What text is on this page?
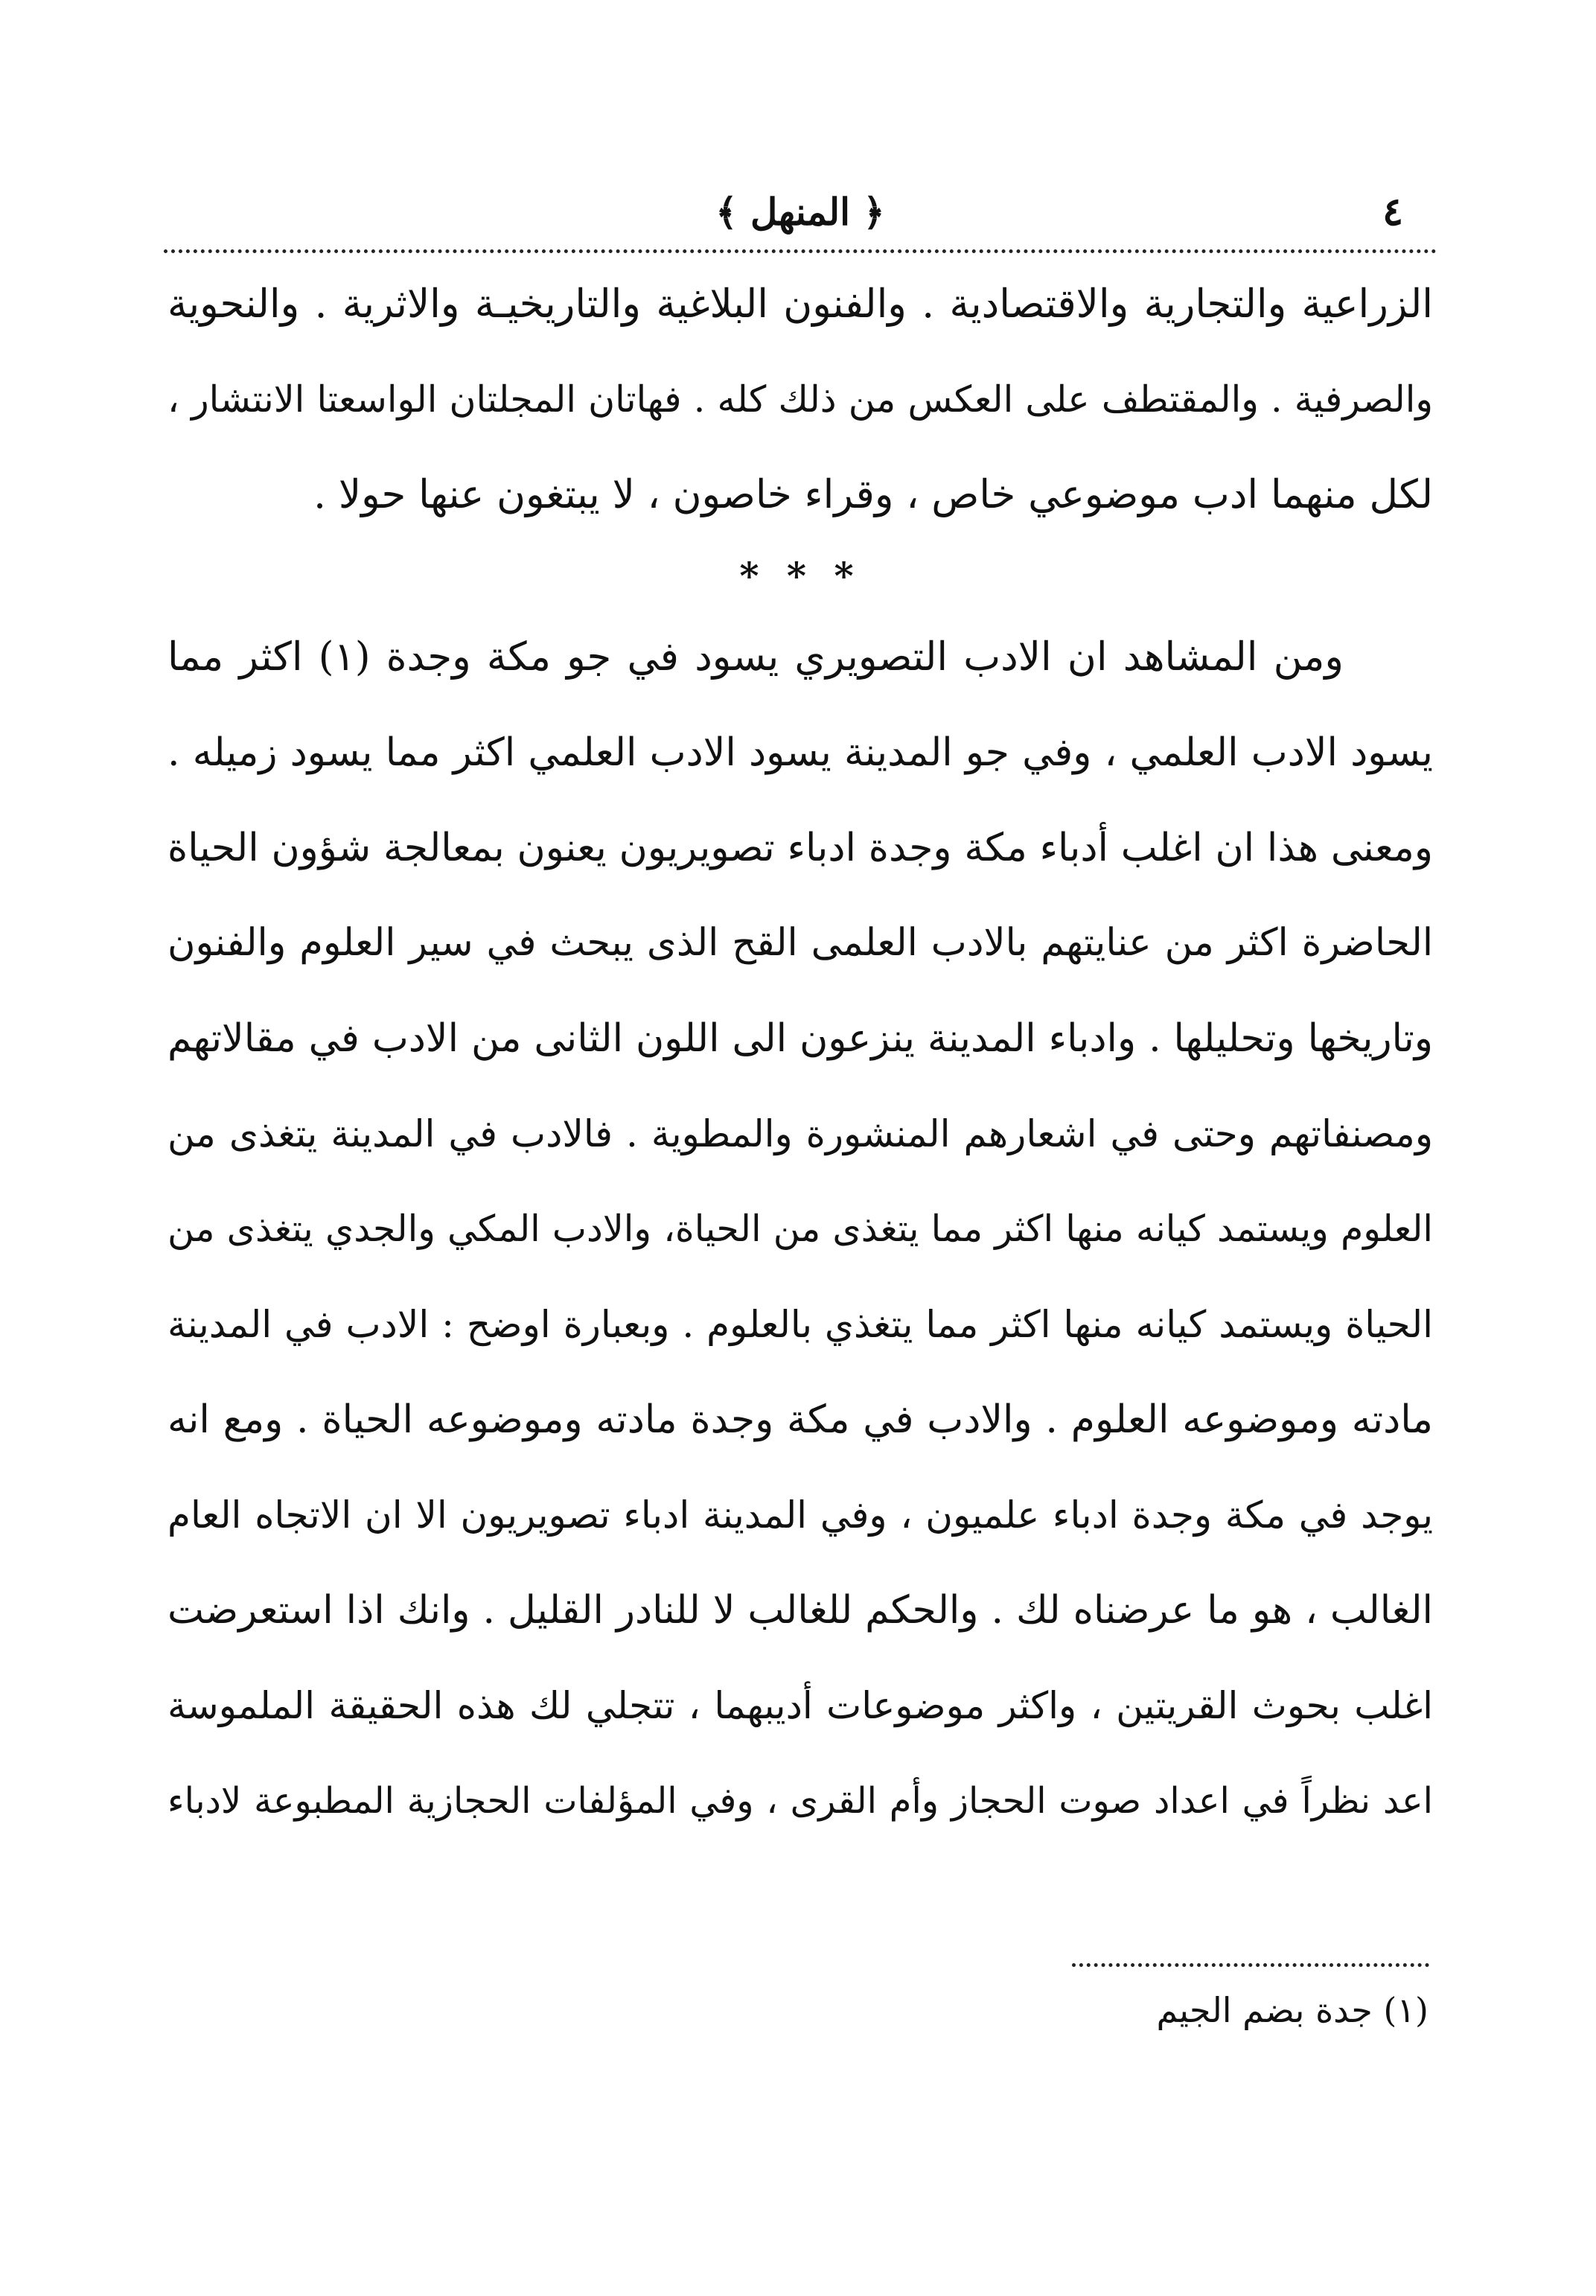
٤
﴿ المنهل ﴾
الزراعية والتجارية والاقتصادية . والفنون البلاغية والتاريخيـة والاثرية . والنحوية
والصرفية . والمقتطف على العكس من ذلك كله . فهاتان المجلتان الواسعتا الانتشار ،
لكل منهما ادب موضوعي خاص ، وقراء خاصون ، لا يبتغون عنها حولا .
* * *
ومن المشاهد ان الادب التصويري يسود في جو مكة وجدة (١) اكثر مما
يسود الادب العلمي ، وفي جو المدينة يسود الادب العلمي اكثر مما يسود زميله .
ومعنى هذا ان اغلب أدباء مكة وجدة ادباء تصويريون يعنون بمعالجة شؤون الحياة
الحاضرة اكثر من عنايتهم بالادب العلمى القح الذى يبحث في سير العلوم والفنون
وتاريخها وتحليلها . وادباء المدينة ينزعون الى اللون الثانى من الادب في مقالاتهم
ومصنفاتهم وحتى في اشعارهم المنشورة والمطوية . فالادب في المدينة يتغذى من
العلوم ويستمد كيانه منها اكثر مما يتغذى من الحياة، والادب المكي والجدي يتغذى من
الحياة ويستمد كيانه منها اكثر مما يتغذي بالعلوم . وبعبارة اوضح : الادب في المدينة
مادته وموضوعه العلوم . والادب في مكة وجدة مادته وموضوعه الحياة . ومع انه
يوجد في مكة وجدة ادباء علميون ، وفي المدينة ادباء تصويريون الا ان الاتجاه العام
الغالب ، هو ما عرضناه لك . والحكم للغالب لا للنادر القليل . وانك اذا استعرضت
اغلب بحوث القريتين ، واكثر موضوعات أديبهما ، تتجلي لك هذه الحقيقة الملموسة
اعد نظراً في اعداد صوت الحجاز وأم القرى ، وفي المؤلفات الحجازية المطبوعة لادباء
(١) جدة بضم الجيم
